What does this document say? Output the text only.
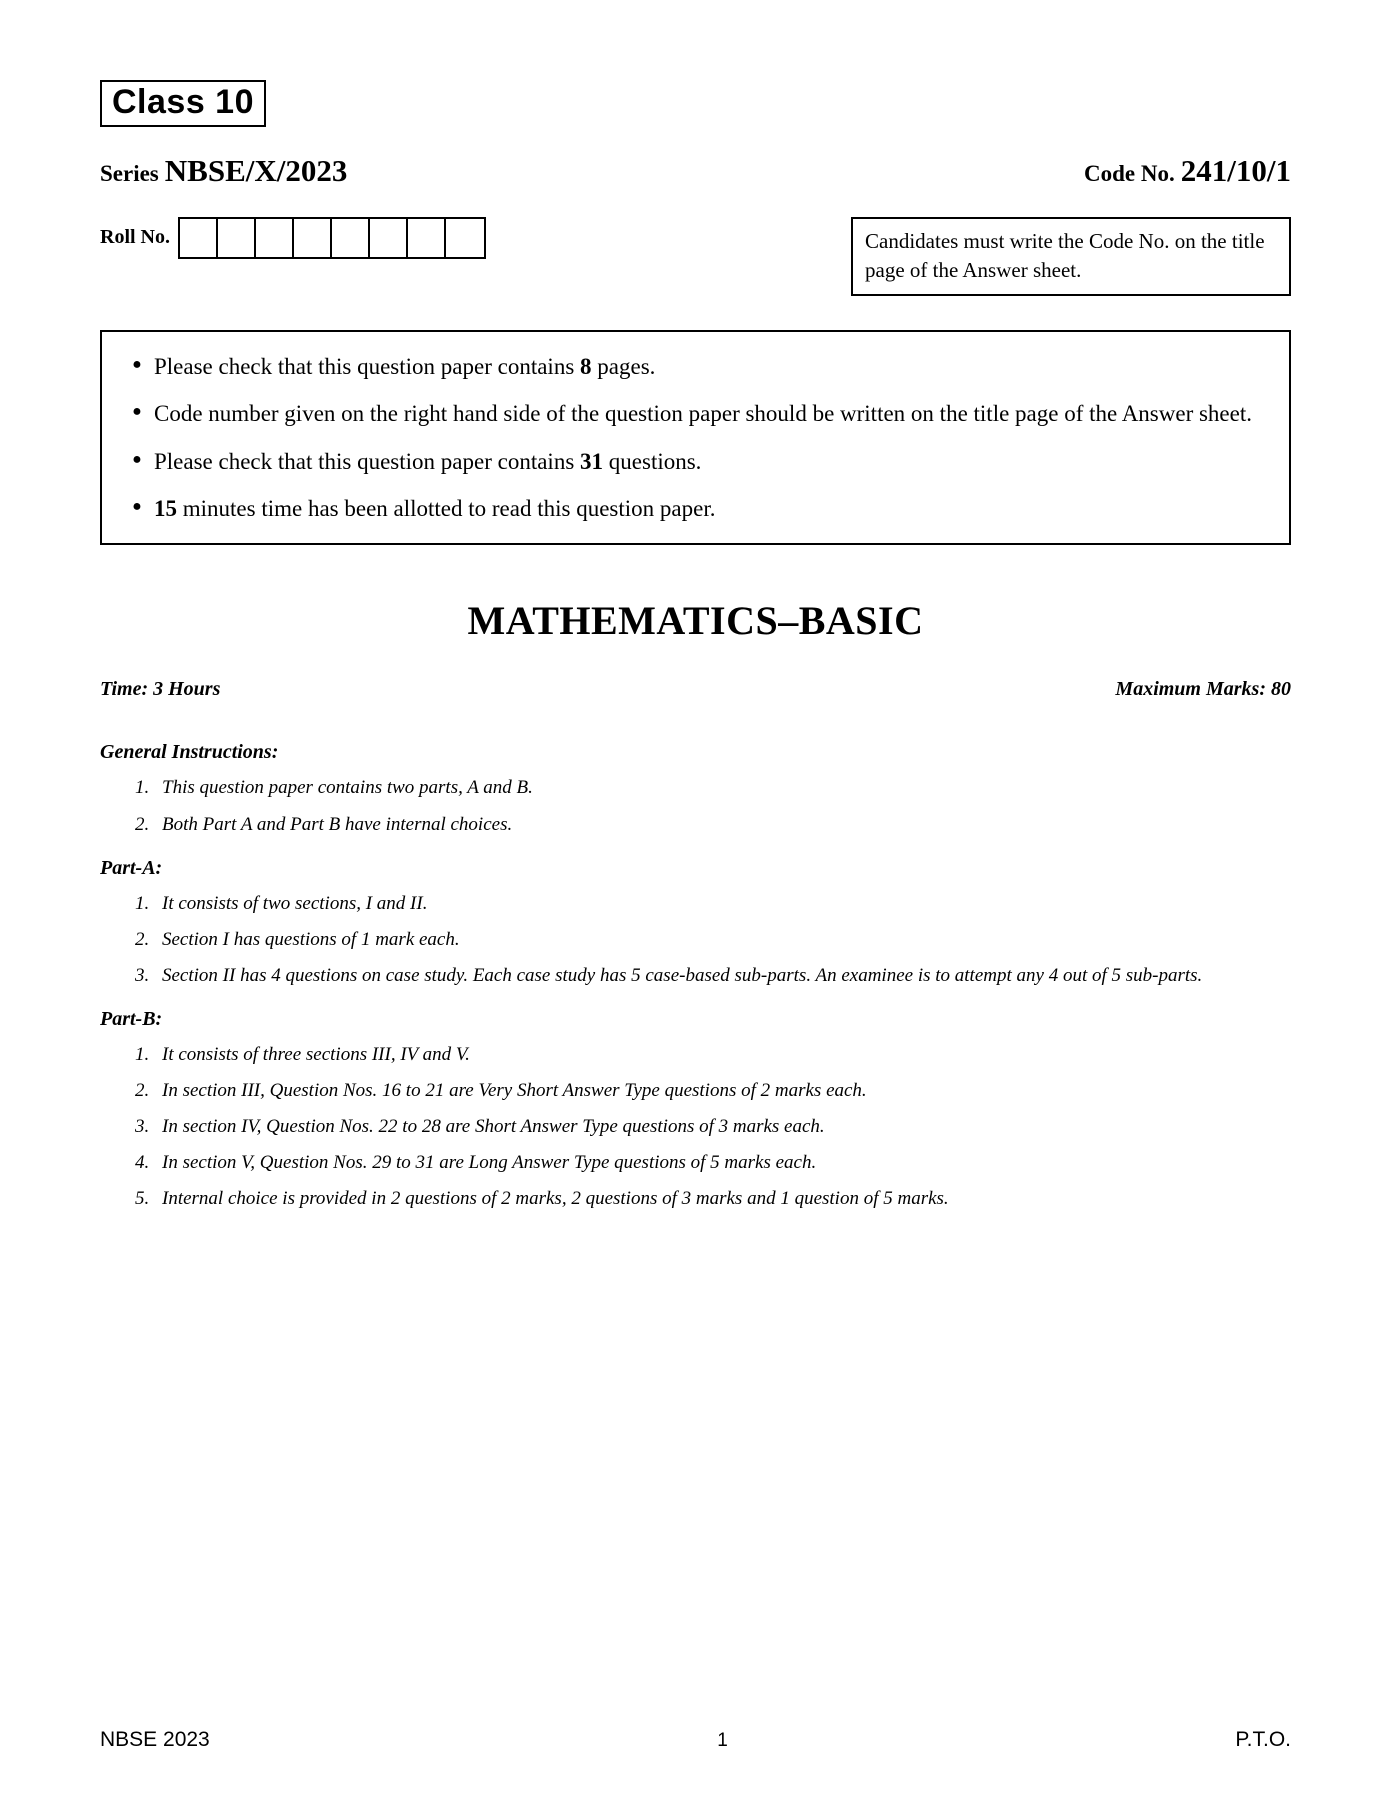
Class 10
Series NBSE/X/2023	Code No. 241/10/1
Roll No.	Candidates must write the Code No. on the title page of the Answer sheet.
● Please check that this question paper contains 8 pages.
● Code number given on the right hand side of the question paper should be written on the title page of the Answer sheet.
● Please check that this question paper contains 31 questions.
● 15 minutes time has been allotted to read this question paper.
MATHEMATICS–BASIC
Time: 3 Hours	Maximum Marks: 80
General Instructions:
1. This question paper contains two parts, A and B.
2. Both Part A and Part B have internal choices.
Part-A:
1. It consists of two sections, I and II.
2. Section I has questions of 1 mark each.
3. Section II has 4 questions on case study. Each case study has 5 case-based sub-parts. An examinee is to attempt any 4 out of 5 sub-parts.
Part-B:
1. It consists of three sections III, IV and V.
2. In section III, Question Nos. 16 to 21 are Very Short Answer Type questions of 2 marks each.
3. In section IV, Question Nos. 22 to 28 are Short Answer Type questions of 3 marks each.
4. In section V, Question Nos. 29 to 31 are Long Answer Type questions of 5 marks each.
5. Internal choice is provided in 2 questions of 2 marks, 2 questions of 3 marks and 1 question of 5 marks.
NBSE 2023	1	P.T.O.
